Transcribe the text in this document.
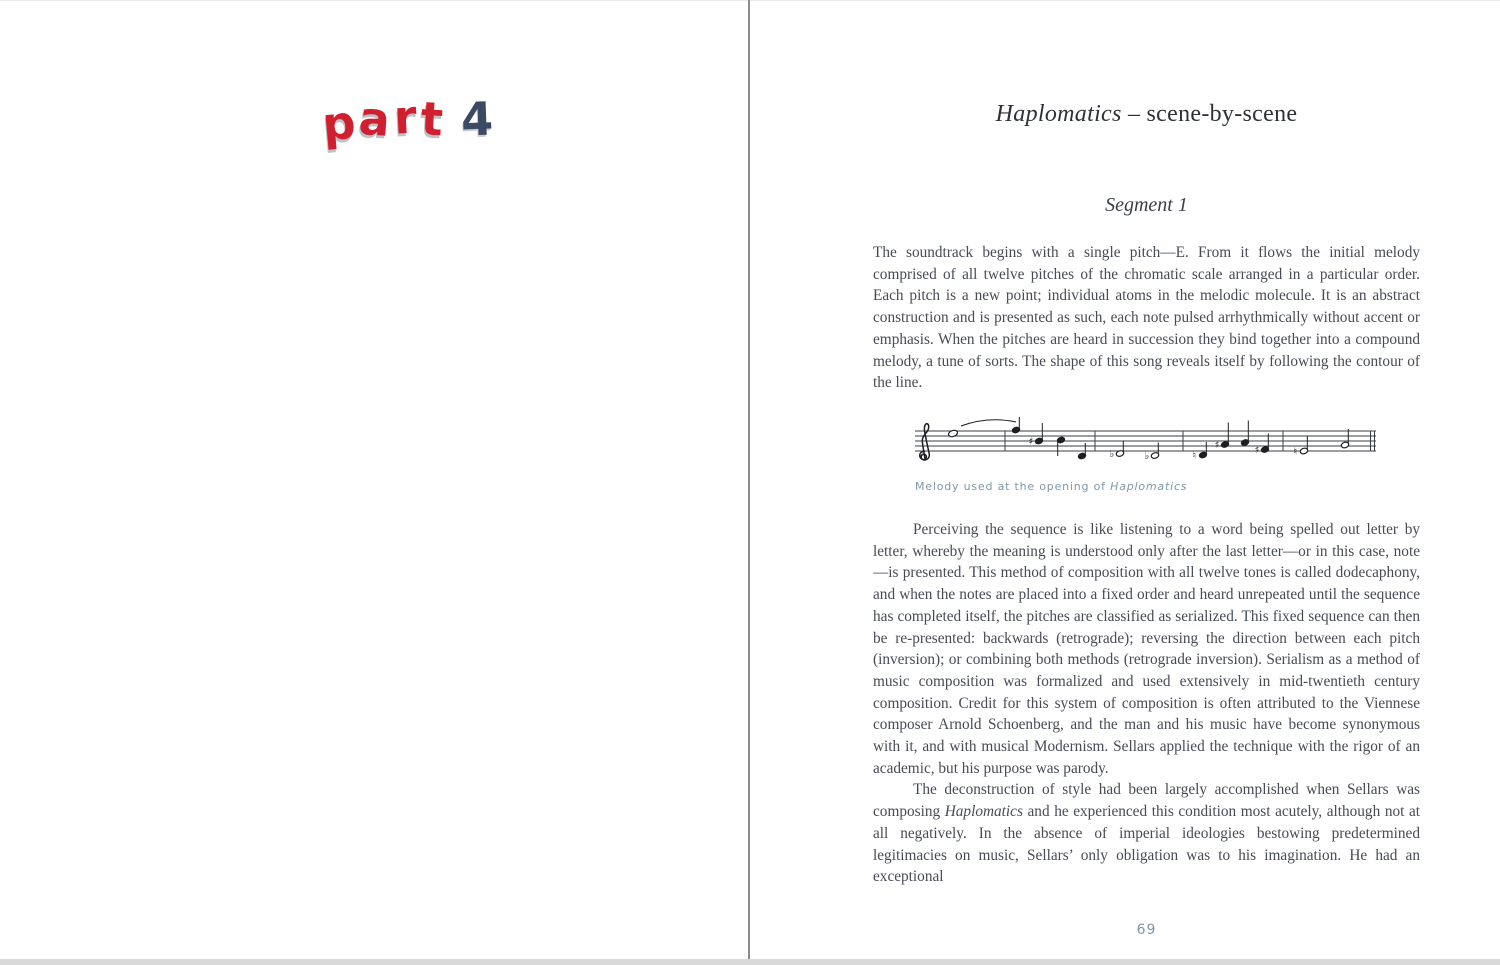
part 4	Haplomatics – scene-by-scene
Segment 1
The soundtrack begins with a single pitch—E. From it flows the initial melody comprised of all twelve pitches of the chromatic scale arranged in a particular order. Each pitch is a new point; individual atoms in the melodic molecule. It is an abstract construction and is presented as such, each note pulsed arrhythmically without accent or emphasis. When the pitches are heard in succession they bind together into a compound melody, a tune of sorts. The shape of this song reveals itself by following the contour of the line.
♯
♭	♭	♮
♯	♯	♮
Melody used at the opening of Haplomatics

Perceiving the sequence is like listening to a word being spelled out letter by letter, whereby the meaning is understood only after the last letter—or in this case, note—is presented. This method of composition with all twelve tones is called dodecaphony, and when the notes are placed into a fixed order and heard unrepeated until the sequence has completed itself, the pitches are classified as serialized. This fixed sequence can then be re-presented: backwards (retrograde); reversing the direction between each pitch (inversion); or combining both methods (retrograde inversion). Serialism as a method of music composition was formalized and used extensively in mid-twentieth century composition. Credit for this system of composition is often attributed to the Viennese composer Arnold Schoenberg, and the man and his music have become synonymous with it, and with musical Modernism. Sellars applied the technique with the rigor of an academic, but his purpose was parody.

The deconstruction of style had been largely accomplished when Sellars was composing Haplomatics and he experienced this condition most acutely, although not at all negatively. In the absence of imperial ideologies bestowing predetermined legitimacies on music, Sellars’ only obligation was to his imagination. He had an exceptional

69
